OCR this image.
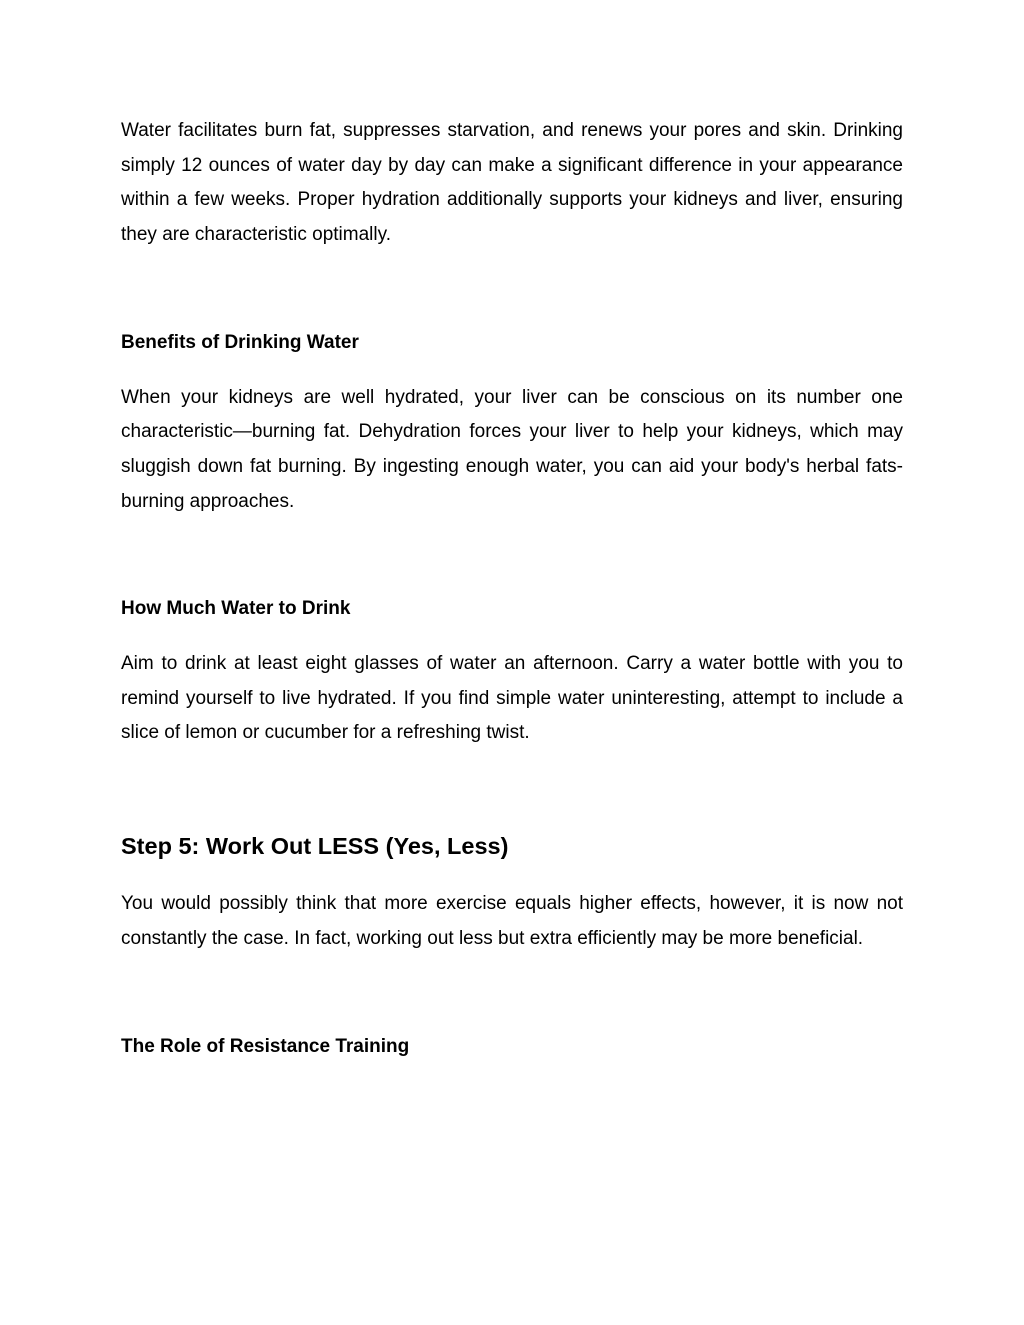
Water facilitates burn fat, suppresses starvation, and renews your pores and skin. Drinking simply 12 ounces of water day by day can make a significant difference in your appearance within a few weeks. Proper hydration additionally supports your kidneys and liver, ensuring they are characteristic optimally.

Benefits of Drinking Water

When your kidneys are well hydrated, your liver can be conscious on its number one characteristic—burning fat. Dehydration forces your liver to help your kidneys, which may sluggish down fat burning. By ingesting enough water, you can aid your body's herbal fats-burning approaches.

How Much Water to Drink

Aim to drink at least eight glasses of water an afternoon. Carry a water bottle with you to remind yourself to live hydrated. If you find simple water uninteresting, attempt to include a slice of lemon or cucumber for a refreshing twist.

Step 5: Work Out LESS (Yes, Less)

You would possibly think that more exercise equals higher effects, however, it is now not constantly the case. In fact, working out less but extra efficiently may be more beneficial.

The Role of Resistance Training
